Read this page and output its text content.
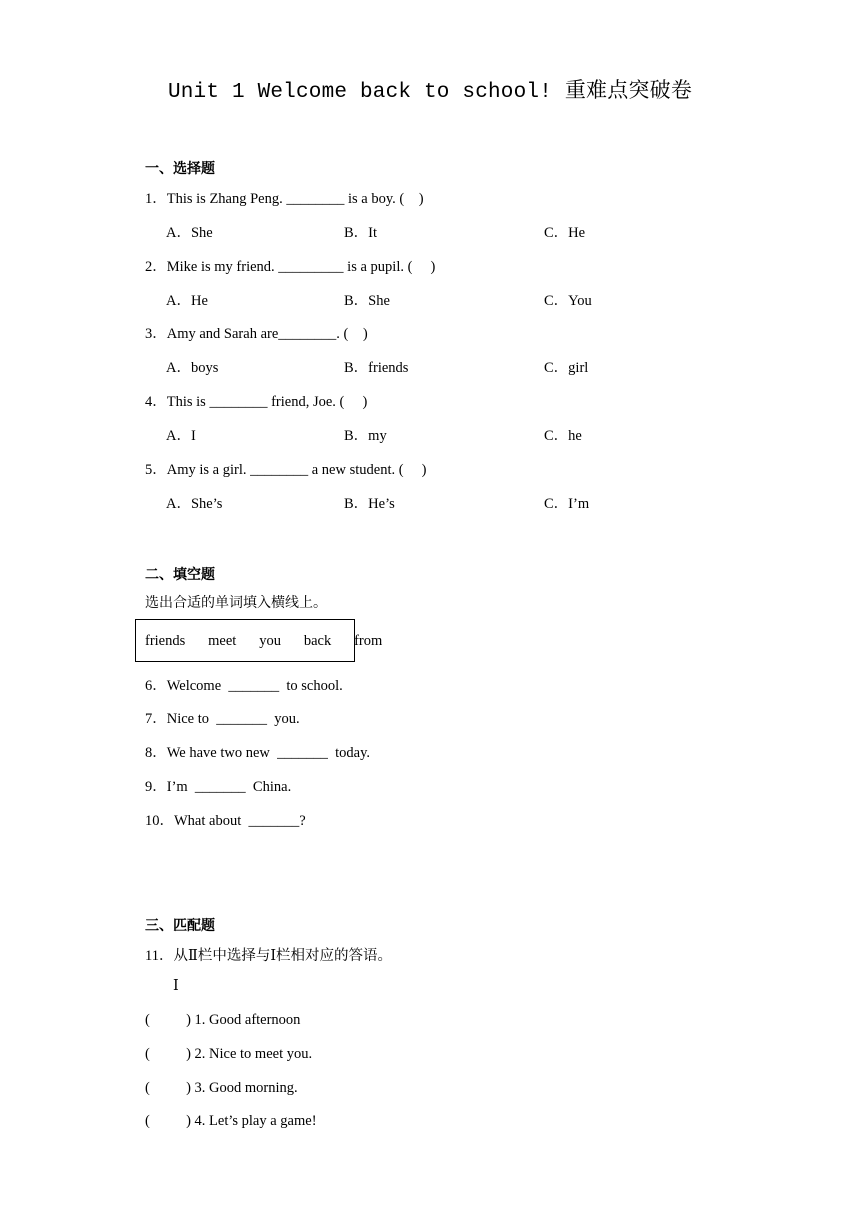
Unit 1 Welcome back to school! 重难点突破卷
一、选择题
1．This is Zhang Peng. ________ is a boy. (    )
A．She	B．It	C．He
2．Mike is my friend. _________ is a pupil. (     )
A．He	B．She	C．You
3．Amy and Sarah are________. (    )
A．boys	B．friends	C．girl
4．This is ________ friend, Joe. (     )
A．I	B．my	C．he
5．Amy is a girl. ________ a new student. (     )
A．She’s	B．He’s	C．I’m
二、填空题
选出合适的单词填入横线上。
friends   meet   you   back   from
6．Welcome  _______  to school.
7．Nice to  _______  you.
8．We have two new  _______  today.
9．I’m  _______  China.
10．What about  _______?
三、匹配题
11．从Ⅱ栏中选择与Ⅰ栏相对应的答语。
Ⅰ
(          ) 1. Good afternoon
(          ) 2. Nice to meet you.
(          ) 3. Good morning.
(          ) 4. Let’s play a game!
